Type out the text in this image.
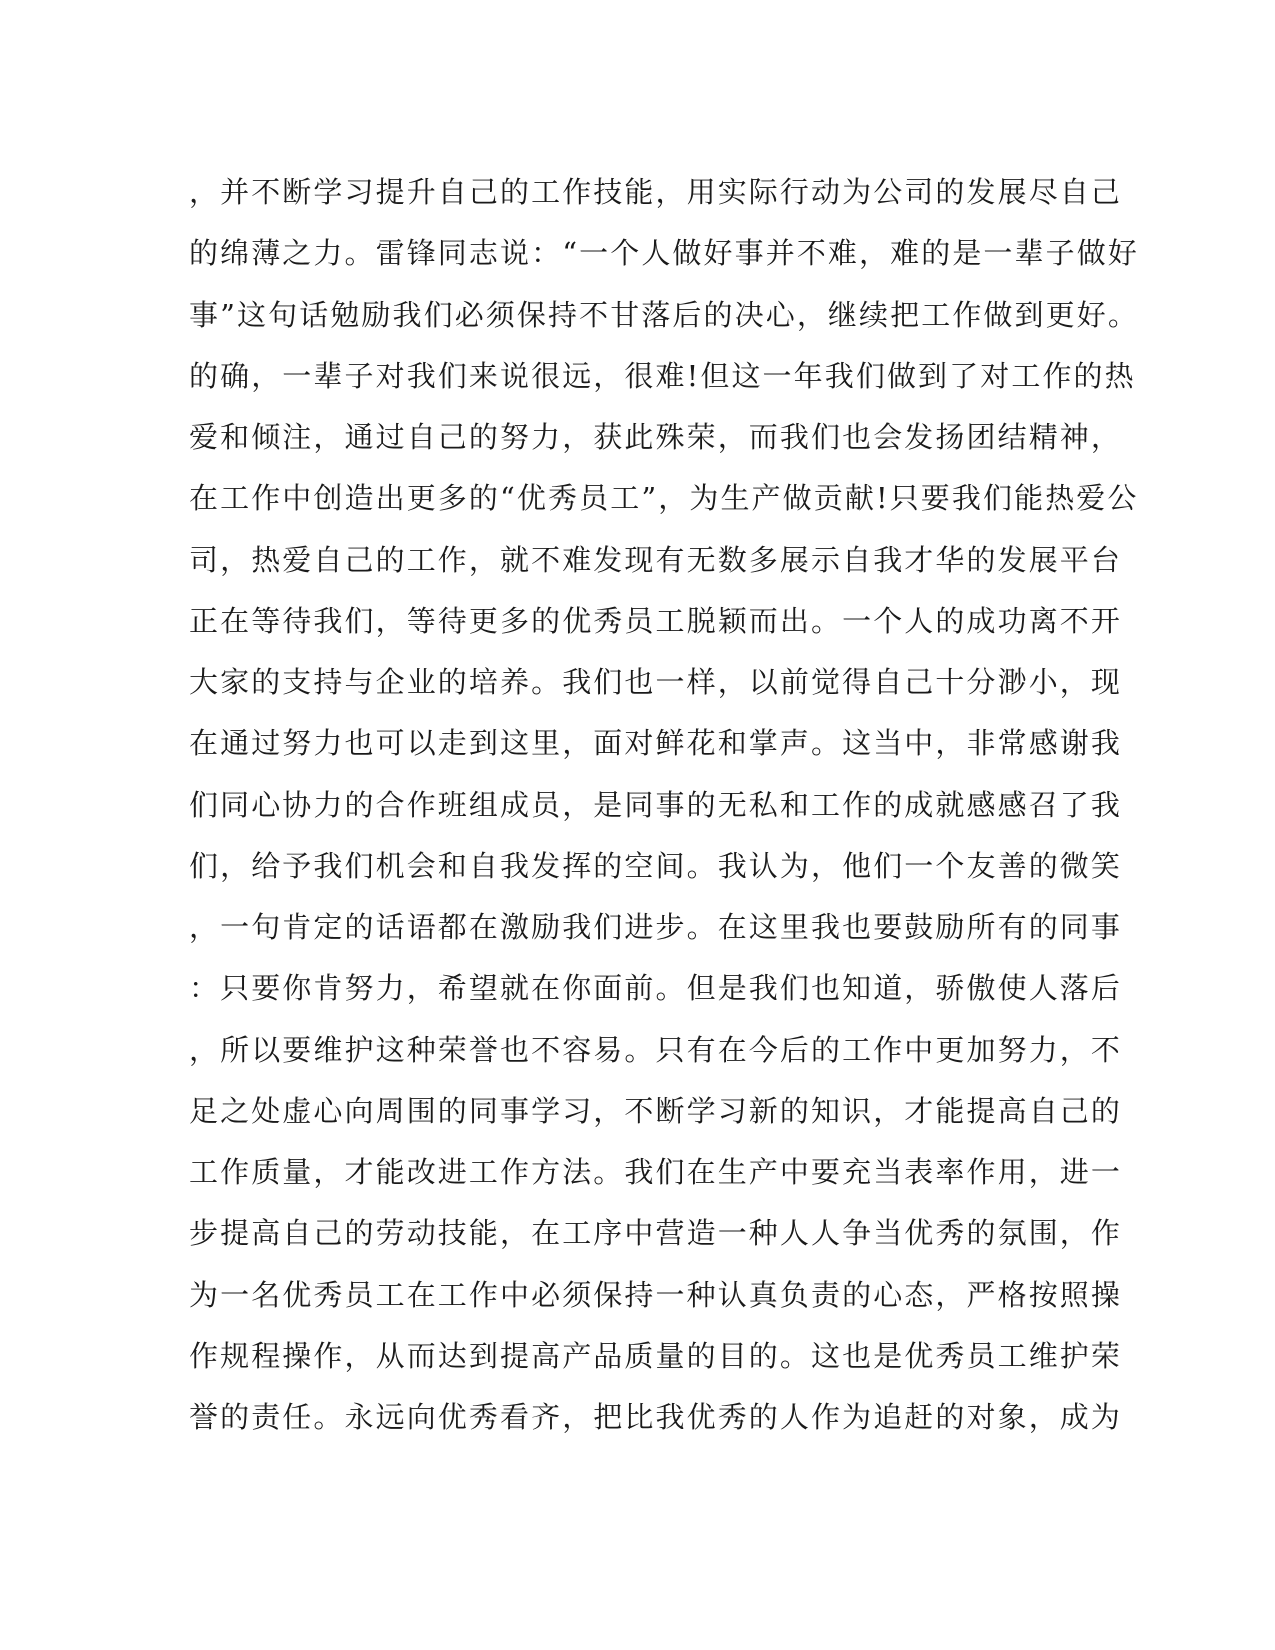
，并不断学习提升自己的工作技能，用实际行动为公司的发展尽自己
的绵薄之力。雷锋同志说：“一个人做好事并不难，难的是一辈子做好
事”这句话勉励我们必须保持不甘落后的决心，继续把工作做到更好。
的确，一辈子对我们来说很远，很难!但这一年我们做到了对工作的热
爱和倾注，通过自己的努力，获此殊荣，而我们也会发扬团结精神，
在工作中创造出更多的“优秀员工”，为生产做贡献!只要我们能热爱公
司，热爱自己的工作，就不难发现有无数多展示自我才华的发展平台
正在等待我们，等待更多的优秀员工脱颖而出。一个人的成功离不开
大家的支持与企业的培养。我们也一样，以前觉得自己十分渺小，现
在通过努力也可以走到这里，面对鲜花和掌声。这当中，非常感谢我
们同心协力的合作班组成员，是同事的无私和工作的成就感感召了我
们，给予我们机会和自我发挥的空间。我认为，他们一个友善的微笑
，一句肯定的话语都在激励我们进步。在这里我也要鼓励所有的同事
：只要你肯努力，希望就在你面前。但是我们也知道，骄傲使人落后
，所以要维护这种荣誉也不容易。只有在今后的工作中更加努力，不
足之处虚心向周围的同事学习，不断学习新的知识，才能提高自己的
工作质量，才能改进工作方法。我们在生产中要充当表率作用，进一
步提高自己的劳动技能，在工序中营造一种人人争当优秀的氛围，作
为一名优秀员工在工作中必须保持一种认真负责的心态，严格按照操
作规程操作，从而达到提高产品质量的目的。这也是优秀员工维护荣
誉的责任。永远向优秀看齐，把比我优秀的人作为追赶的对象，成为
